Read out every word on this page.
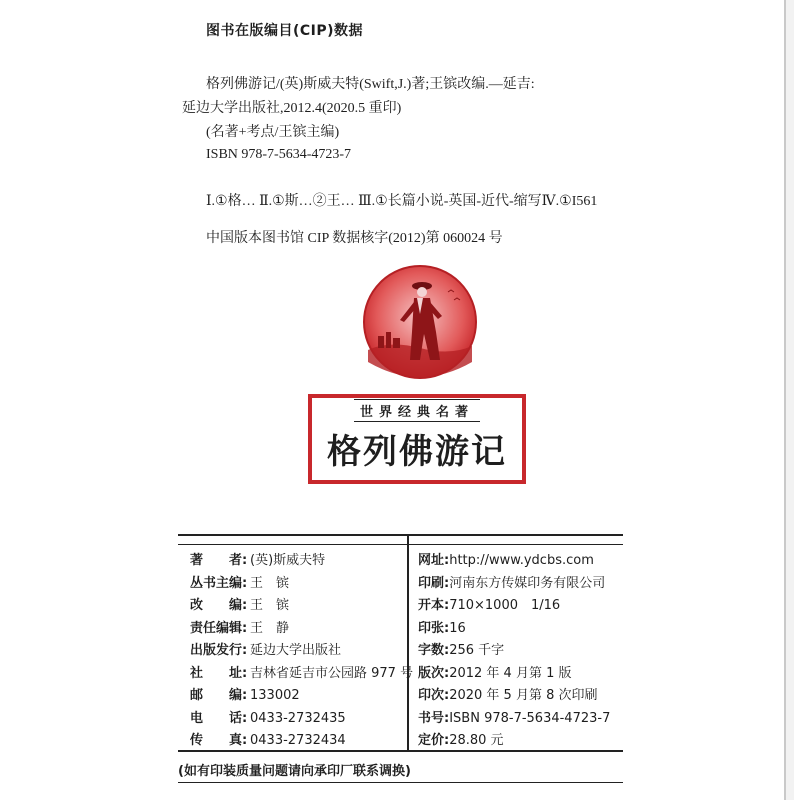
图书在版编目(CIP)数据
格列佛游记/(英)斯威夫特(Swift,J.)著;王镔改编.—延吉:
延边大学出版社,2012.4(2020.5 重印)
(名著+考点/王镔主编)
ISBN 978-7-5634-4723-7
Ⅰ.①格… Ⅱ.①斯…②王… Ⅲ.①长篇小说-英国-近代-缩写Ⅳ.①I561
中国版本图书馆 CIP 数据核字(2012)第 060024 号
世界经典名著
格列佛游记
著　　者: (英)斯威夫特
丛书主编: 王　镔
改　　编: 王　镔
责任编辑: 王　静
出版发行: 延边大学出版社
社　　址: 吉林省延吉市公园路 977 号
邮　　编: 133002
电　　话: 0433-2732435
传　　真: 0433-2732434
网址:http://www.ydcbs.com
印刷:河南东方传媒印务有限公司
开本:710×1000　1/16
印张:16
字数:256 千字
版次:2012 年 4 月第 1 版
印次:2020 年 5 月第 8 次印刷
书号:ISBN 978-7-5634-4723-7
定价:28.80 元
(如有印装质量问题请向承印厂联系调换)
